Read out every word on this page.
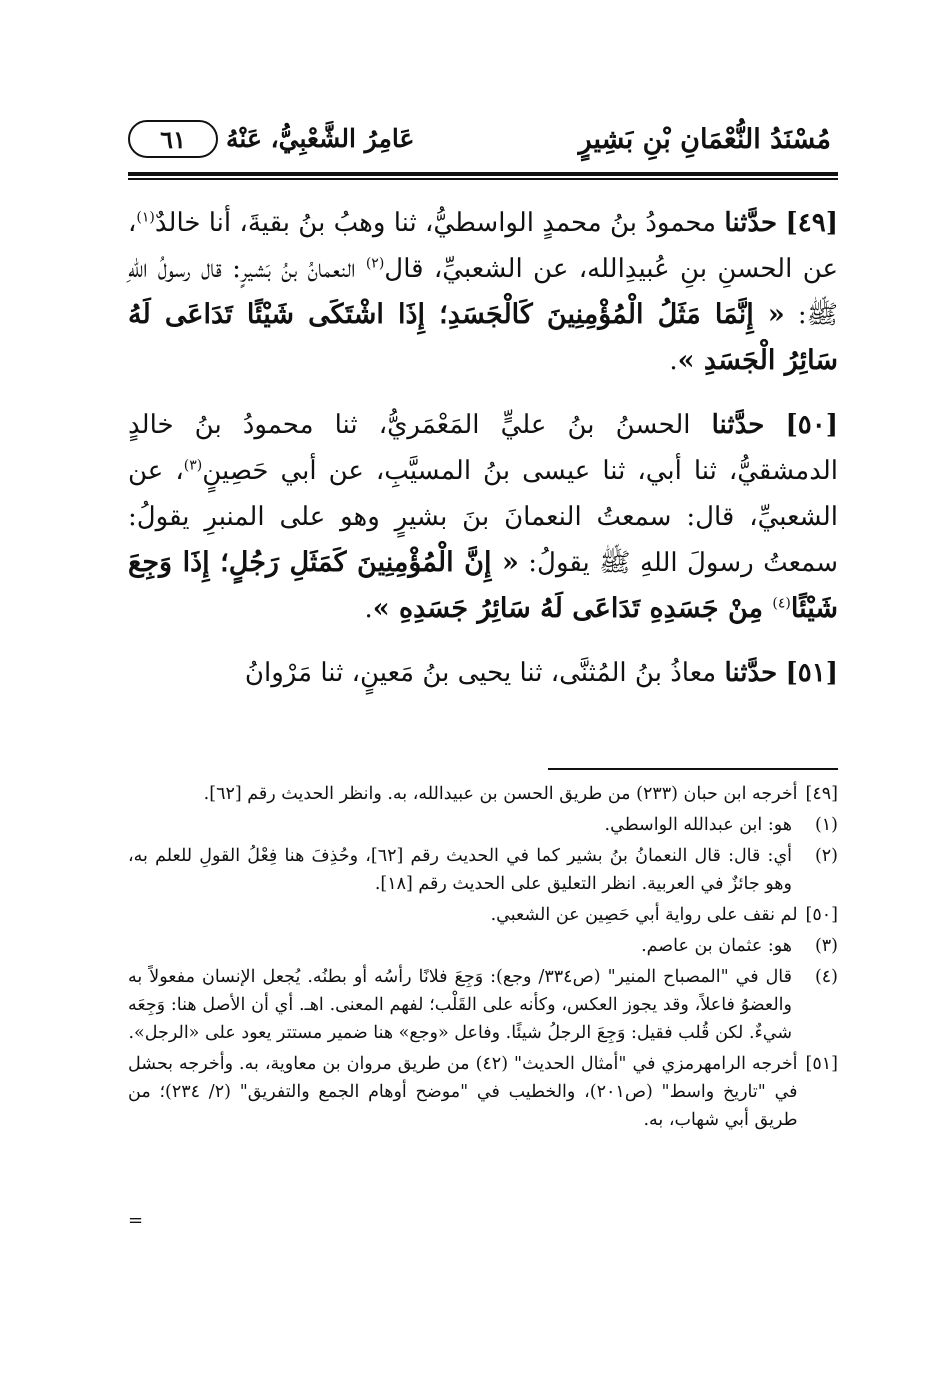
مُسْنَدُ النُّعْمَانِ بْنِ بَشِيرٍ
عَامِرُ الشَّعْبِيُّ، عَنْهُ
٦١

[٤٩] حدَّثنا محمودُ بنُ محمدٍ الواسطيُّ، ثنا وهبُ بنُ بقيةَ، أنا خالدٌ$^{(١)}$، عن الحسنِ بنِ عُبيدِالله، عن الشعبيِّ، قال$^{(٢)}$ النعمانُ بنُ بَشيرٍ: قال رسولُ اللهِ ﷺ: « إِنَّمَا مَثَلُ الْمُؤْمِنِينَ كَالْجَسَدِ؛ إِذَا اشْتَكَى شَيْئًا تَدَاعَى لَهُ سَائِرُ الْجَسَدِ ».

[٥٠] حدَّثنا الحسنُ بنُ عليٍّ المَعْمَريُّ، ثنا محمودُ بنُ خالدٍ الدمشقيُّ، ثنا أبي، ثنا عيسى بنُ المسيَّبِ، عن أبي حَصِينٍ$^{(٣)}$، عن الشعبيِّ، قال: سمعتُ النعمانَ بنَ بشيرٍ وهو على المنبرِ يقولُ: سمعتُ رسولَ اللهِ ﷺ يقولُ: « إِنَّ الْمُؤْمِنِينَ كَمَثَلِ رَجُلٍ؛ إِذَا وَجِعَ شَيْئًا$^{(٤)}$ مِنْ جَسَدِهِ تَدَاعَى لَهُ سَائِرُ جَسَدِهِ ».

[٥١] حدَّثنا معاذُ بنُ المُثنَّى، ثنا يحيى بنُ مَعينٍ، ثنا مَرْوانُ

[٤٩]
أخرجه ابن حبان (٢٣٣) من طريق الحسن بن عبيدالله، به. وانظر الحديث رقم [٦٢].
(١)
هو: ابن عبدالله الواسطي.
(٢)
أي: قال: قال النعمانُ بنُ بشير كما في الحديث رقم [٦٢]، وحُذِفَ هنا فِعْلُ القولِ للعلم به، وهو جائزٌ في العربية. انظر التعليق على الحديث رقم [١٨].
[٥٠]
لم نقف على رواية أبي حَصِين عن الشعبي.
(٣)
هو: عثمان بن عاصم.
(٤)
قال في "المصباح المنير" (ص٣٣٤/ وجع): وَجِعَ فلانًا رأسُه أو بطنُه. يُجعل الإنسان مفعولاً به والعضوُ فاعلاً، وقد يجوز العكس، وكأنه على القَلْب؛ لفهم المعنى. اهـ. أي أن الأصل هنا: وَجِعَه شيءٌ. لكن قُلب فقيل: وَجِعَ الرجلُ شيئًا. وفاعل «وجع» هنا ضمير مستتر يعود على «الرجل».
[٥١]
أخرجه الرامهرمزي في "أمثال الحديث" (٤٢) من طريق مروان بن معاوية، به. وأخرجه بحشل في "تاريخ واسط" (ص٢٠١)، والخطيب في "موضح أوهام الجمع والتفريق" (٢/ ٢٣٤)؛ من طريق أبي شهاب، به.
=
